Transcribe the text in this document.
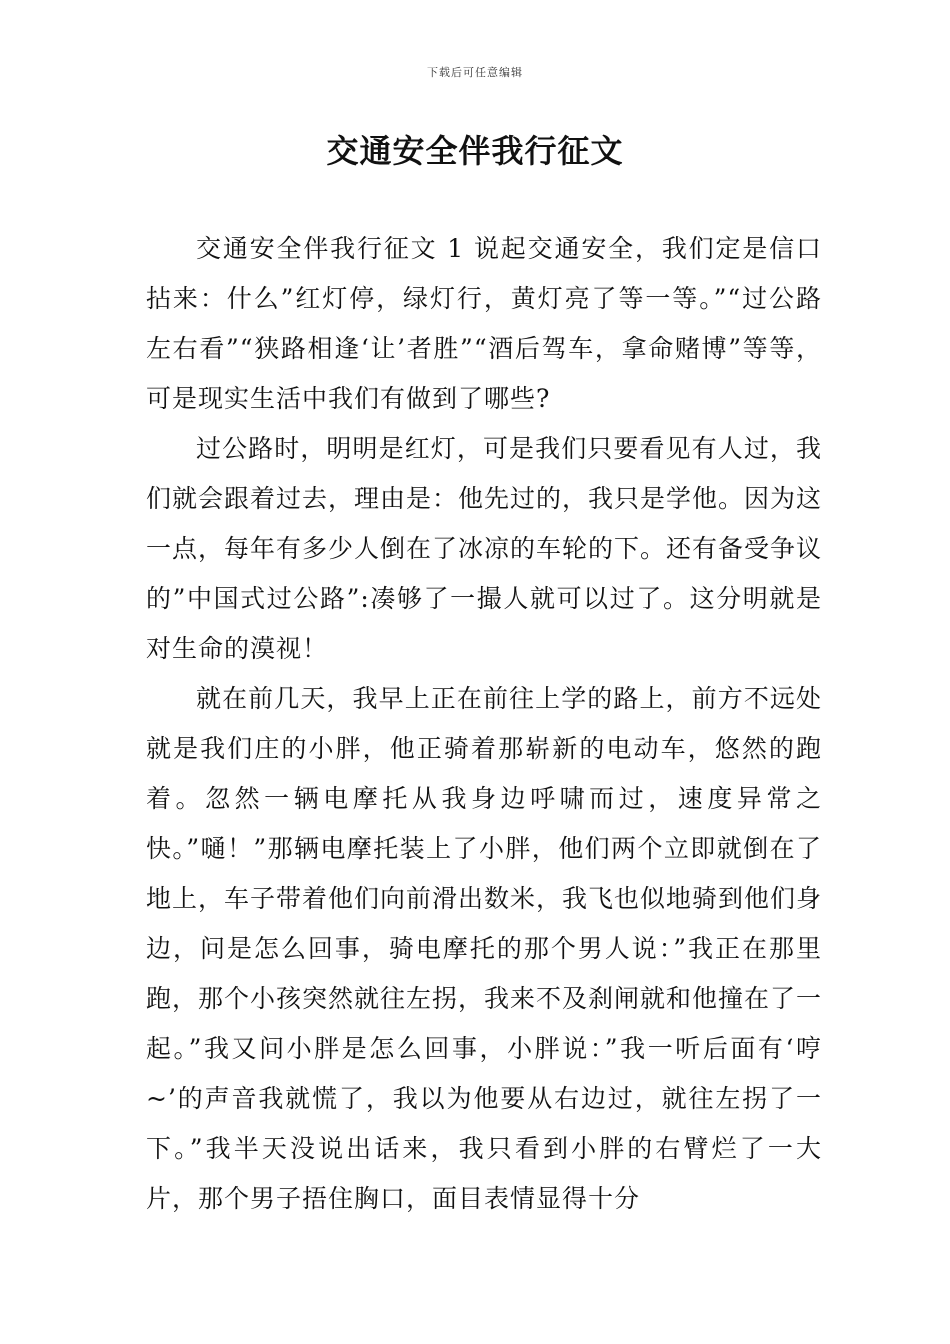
下载后可任意编辑
交通安全伴我行征文

交通安全伴我行征文 1 说起交通安全，我们定是信口拈来：什么”红灯停，绿灯行，黄灯亮了等一等。”“过公路左右看”“狭路相逢‘让’者胜”“酒后驾车，拿命赌博”等等，可是现实生活中我们有做到了哪些?

过公路时，明明是红灯，可是我们只要看见有人过，我们就会跟着过去，理由是：他先过的，我只是学他。因为这一点，每年有多少人倒在了冰凉的车轮的下。还有备受争议的”中国式过公路”:凑够了一撮人就可以过了。这分明就是对生命的漠视！

就在前几天，我早上正在前往上学的路上，前方不远处就是我们庄的小胖，他正骑着那崭新的电动车，悠然的跑着。忽然一辆电摩托从我身边呼啸而过，速度异常之快。”嗵！”那辆电摩托装上了小胖，他们两个立即就倒在了地上，车子带着他们向前滑出数米，我飞也似地骑到他们身边，问是怎么回事，骑电摩托的那个男人说：”我正在那里跑，那个小孩突然就往左拐，我来不及刹闸就和他撞在了一起。”我又问小胖是怎么回事，小胖说：”我一听后面有‘哼~’的声音我就慌了，我以为他要从右边过，就往左拐了一下。”我半天没说出话来，我只看到小胖的右臂烂了一大片，那个男子捂住胸口，面目表情显得十分
